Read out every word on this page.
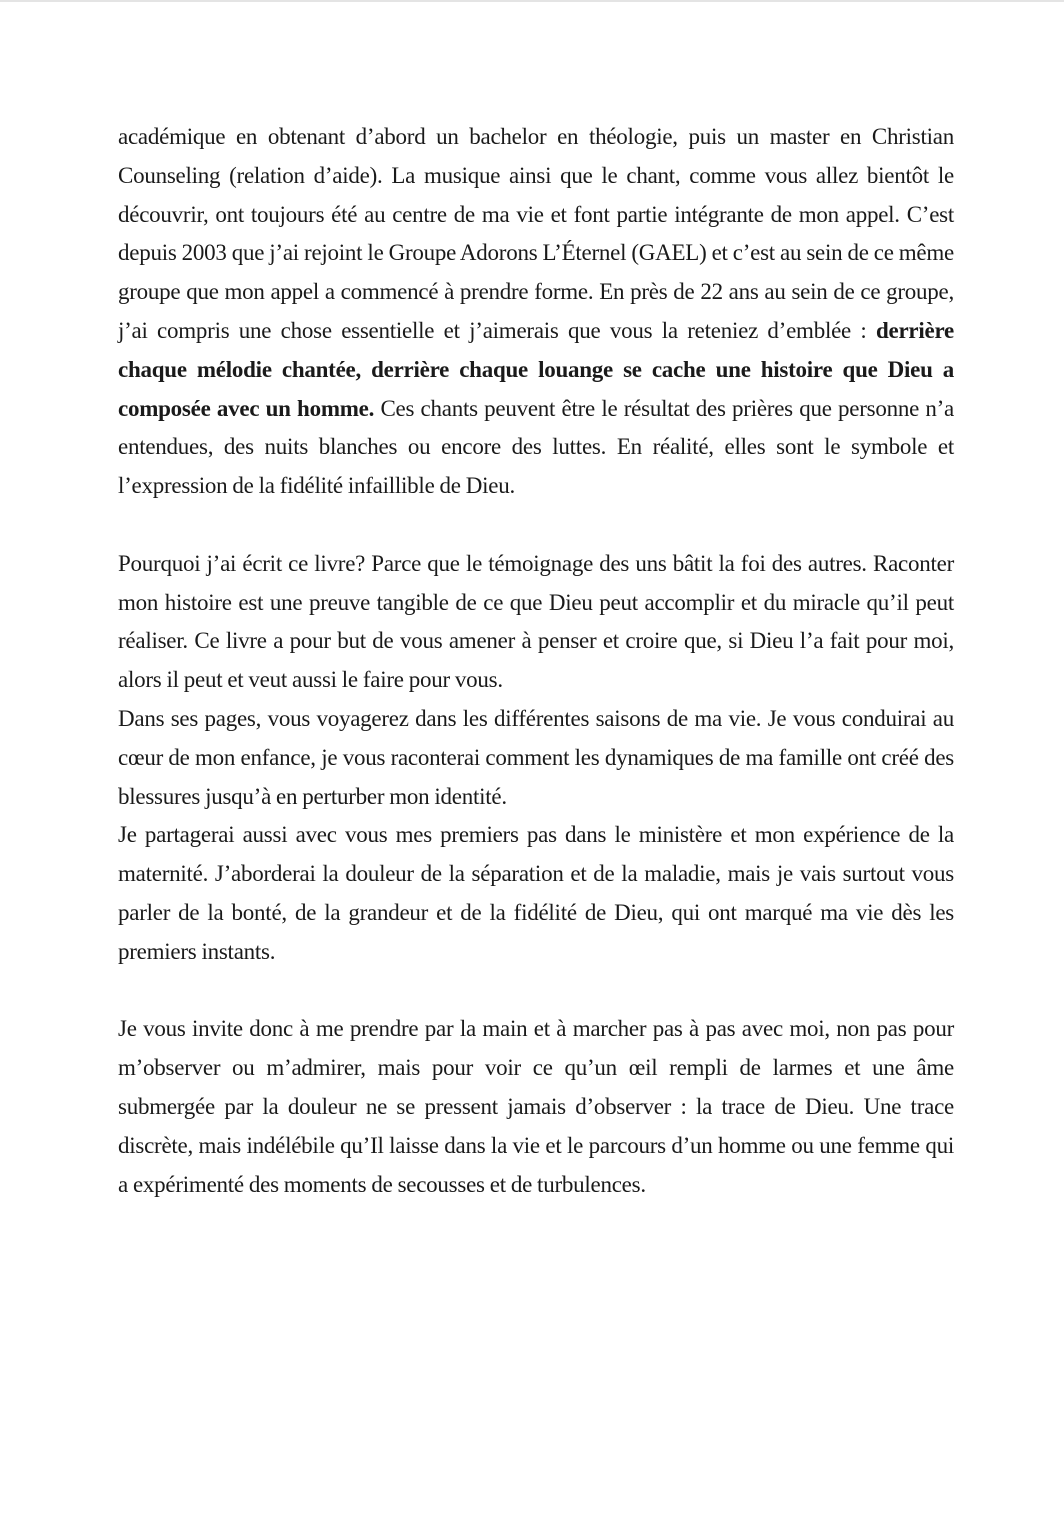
académique en obtenant d’abord un bachelor en théologie, puis un master en Christian Counseling (relation d’aide). La musique ainsi que le chant, comme vous allez bientôt le découvrir, ont toujours été au centre de ma vie et font partie intégrante de mon appel. C’est depuis 2003 que j’ai rejoint le Groupe Adorons L’Éternel (GAEL) et c’est au sein de ce même groupe que mon appel a commencé à prendre forme. En près de 22 ans au sein de ce groupe, j’ai compris une chose essentielle et j’aimerais que vous la reteniez d’emblée : derrière chaque mélodie chantée, derrière chaque louange se cache une histoire que Dieu a composée avec un homme. Ces chants peuvent être le résultat des prières que personne n’a entendues, des nuits blanches ou encore des luttes. En réalité, elles sont le symbole et l’expression de la fidélité infaillible de Dieu.

Pourquoi j’ai écrit ce livre? Parce que le témoignage des uns bâtit la foi des autres. Raconter mon histoire est une preuve tangible de ce que Dieu peut accomplir et du miracle qu’il peut réaliser. Ce livre a pour but de vous amener à penser et croire que, si Dieu l’a fait pour moi, alors il peut et veut aussi le faire pour vous.

Dans ses pages, vous voyagerez dans les différentes saisons de ma vie. Je vous conduirai au cœur de mon enfance, je vous raconterai comment les dynamiques de ma famille ont créé des blessures jusqu’à en perturber mon identité.

Je partagerai aussi avec vous mes premiers pas dans le ministère et mon expérience de la maternité. J’aborderai la douleur de la séparation et de la maladie, mais je vais surtout vous parler de la bonté, de la grandeur et de la fidélité de Dieu, qui ont marqué ma vie dès les premiers instants.

Je vous invite donc à me prendre par la main et à marcher pas à pas avec moi, non pas pour m’observer ou m’admirer, mais pour voir ce qu’un œil rempli de larmes et une âme submergée par la douleur ne se pressent jamais d’observer : la trace de Dieu. Une trace discrète, mais indélébile qu’Il laisse dans la vie et le parcours d’un homme ou une femme qui a expérimenté des moments de secousses et de turbulences.
